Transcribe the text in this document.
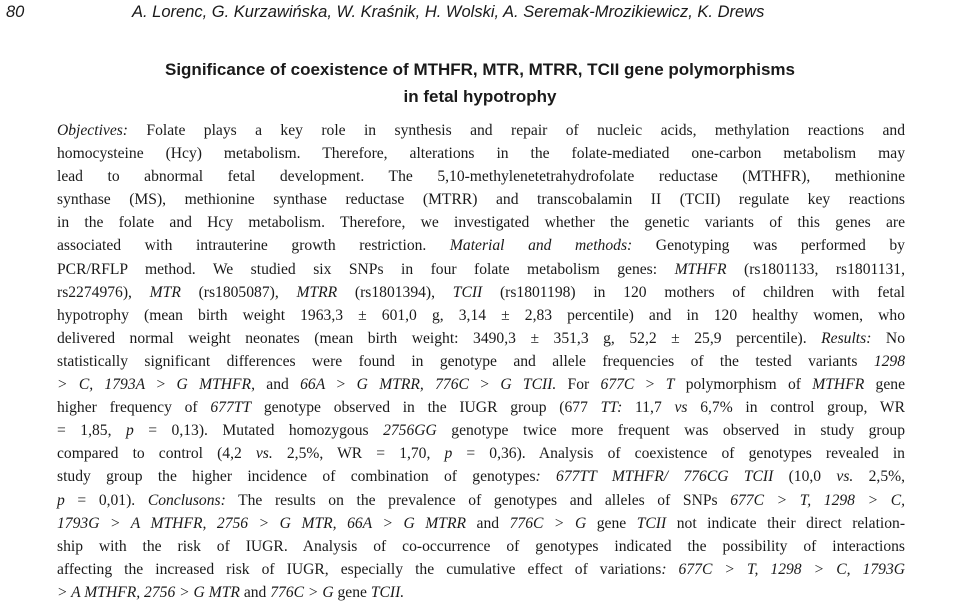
80	A. Lorenc, G. Kurzawińska, W. Kraśnik, H. Wolski, A. Seremak-Mrozikiewicz, K. Drews
Significance of coexistence of MTHFR, MTR, MTRR, TCII gene polymorphisms
in fetal hypotrophy
Objectives: Folate plays a key role in synthesis and repair of nucleic acids, methylation reactions and
homocysteine (Hcy) metabolism. Therefore, alterations in the folate-mediated one-carbon metabolism may
lead to abnormal fetal development. The 5,10-methylenetetrahydrofolate reductase (MTHFR), methionine
synthase (MS), methionine synthase reductase (MTRR) and transcobalamin II (TCII) regulate key reactions
in the folate and Hcy metabolism. Therefore, we investigated whether the genetic variants of this genes are
associated with intrauterine growth restriction. Material and methods: Genotyping was performed by
PCR/RFLP method. We studied six SNPs in four folate metabolism genes: MTHFR (rs1801133, rs1801131,
rs2274976), MTR (rs1805087), MTRR (rs1801394), TCII (rs1801198) in 120 mothers of children with fetal
hypotrophy (mean birth weight 1963,3 ± 601,0 g, 3,14 ± 2,83 percentile) and in 120 healthy women, who
delivered normal weight neonates (mean birth weight: 3490,3 ± 351,3 g, 52,2 ± 25,9 percentile). Results: No
statistically significant differences were found in genotype and allele frequencies of the tested variants 1298
> C, 1793A > G MTHFR, and 66A > G MTRR, 776C > G TCII. For 677C > T polymorphism of MTHFR gene
higher frequency of 677TT genotype observed in the IUGR group (677 TT: 11,7 vs 6,7% in control group, WR
= 1,85, p = 0,13). Mutated homozygous 2756GG genotype twice more frequent was observed in study group
compared to control (4,2 vs. 2,5%, WR = 1,70, p = 0,36). Analysis of coexistence of genotypes revealed in
study group the higher incidence of combination of genotypes: 677TT MTHFR/ 776CG TCII (10,0 vs. 2,5%,
p = 0,01). Conclusons: The results on the prevalence of genotypes and alleles of SNPs 677C > T, 1298 > C,
1793G > A MTHFR, 2756 > G MTR, 66A > G MTRR and 776C > G gene TCII not indicate their direct relation-
ship with the risk of IUGR. Analysis of co-occurrence of genotypes indicated the possibility of interactions
affecting the increased risk of IUGR, especially the cumulative effect of variations: 677C > T, 1298 > C, 1793G
> A MTHFR, 2756 > G MTR and 776C > G gene TCII.
